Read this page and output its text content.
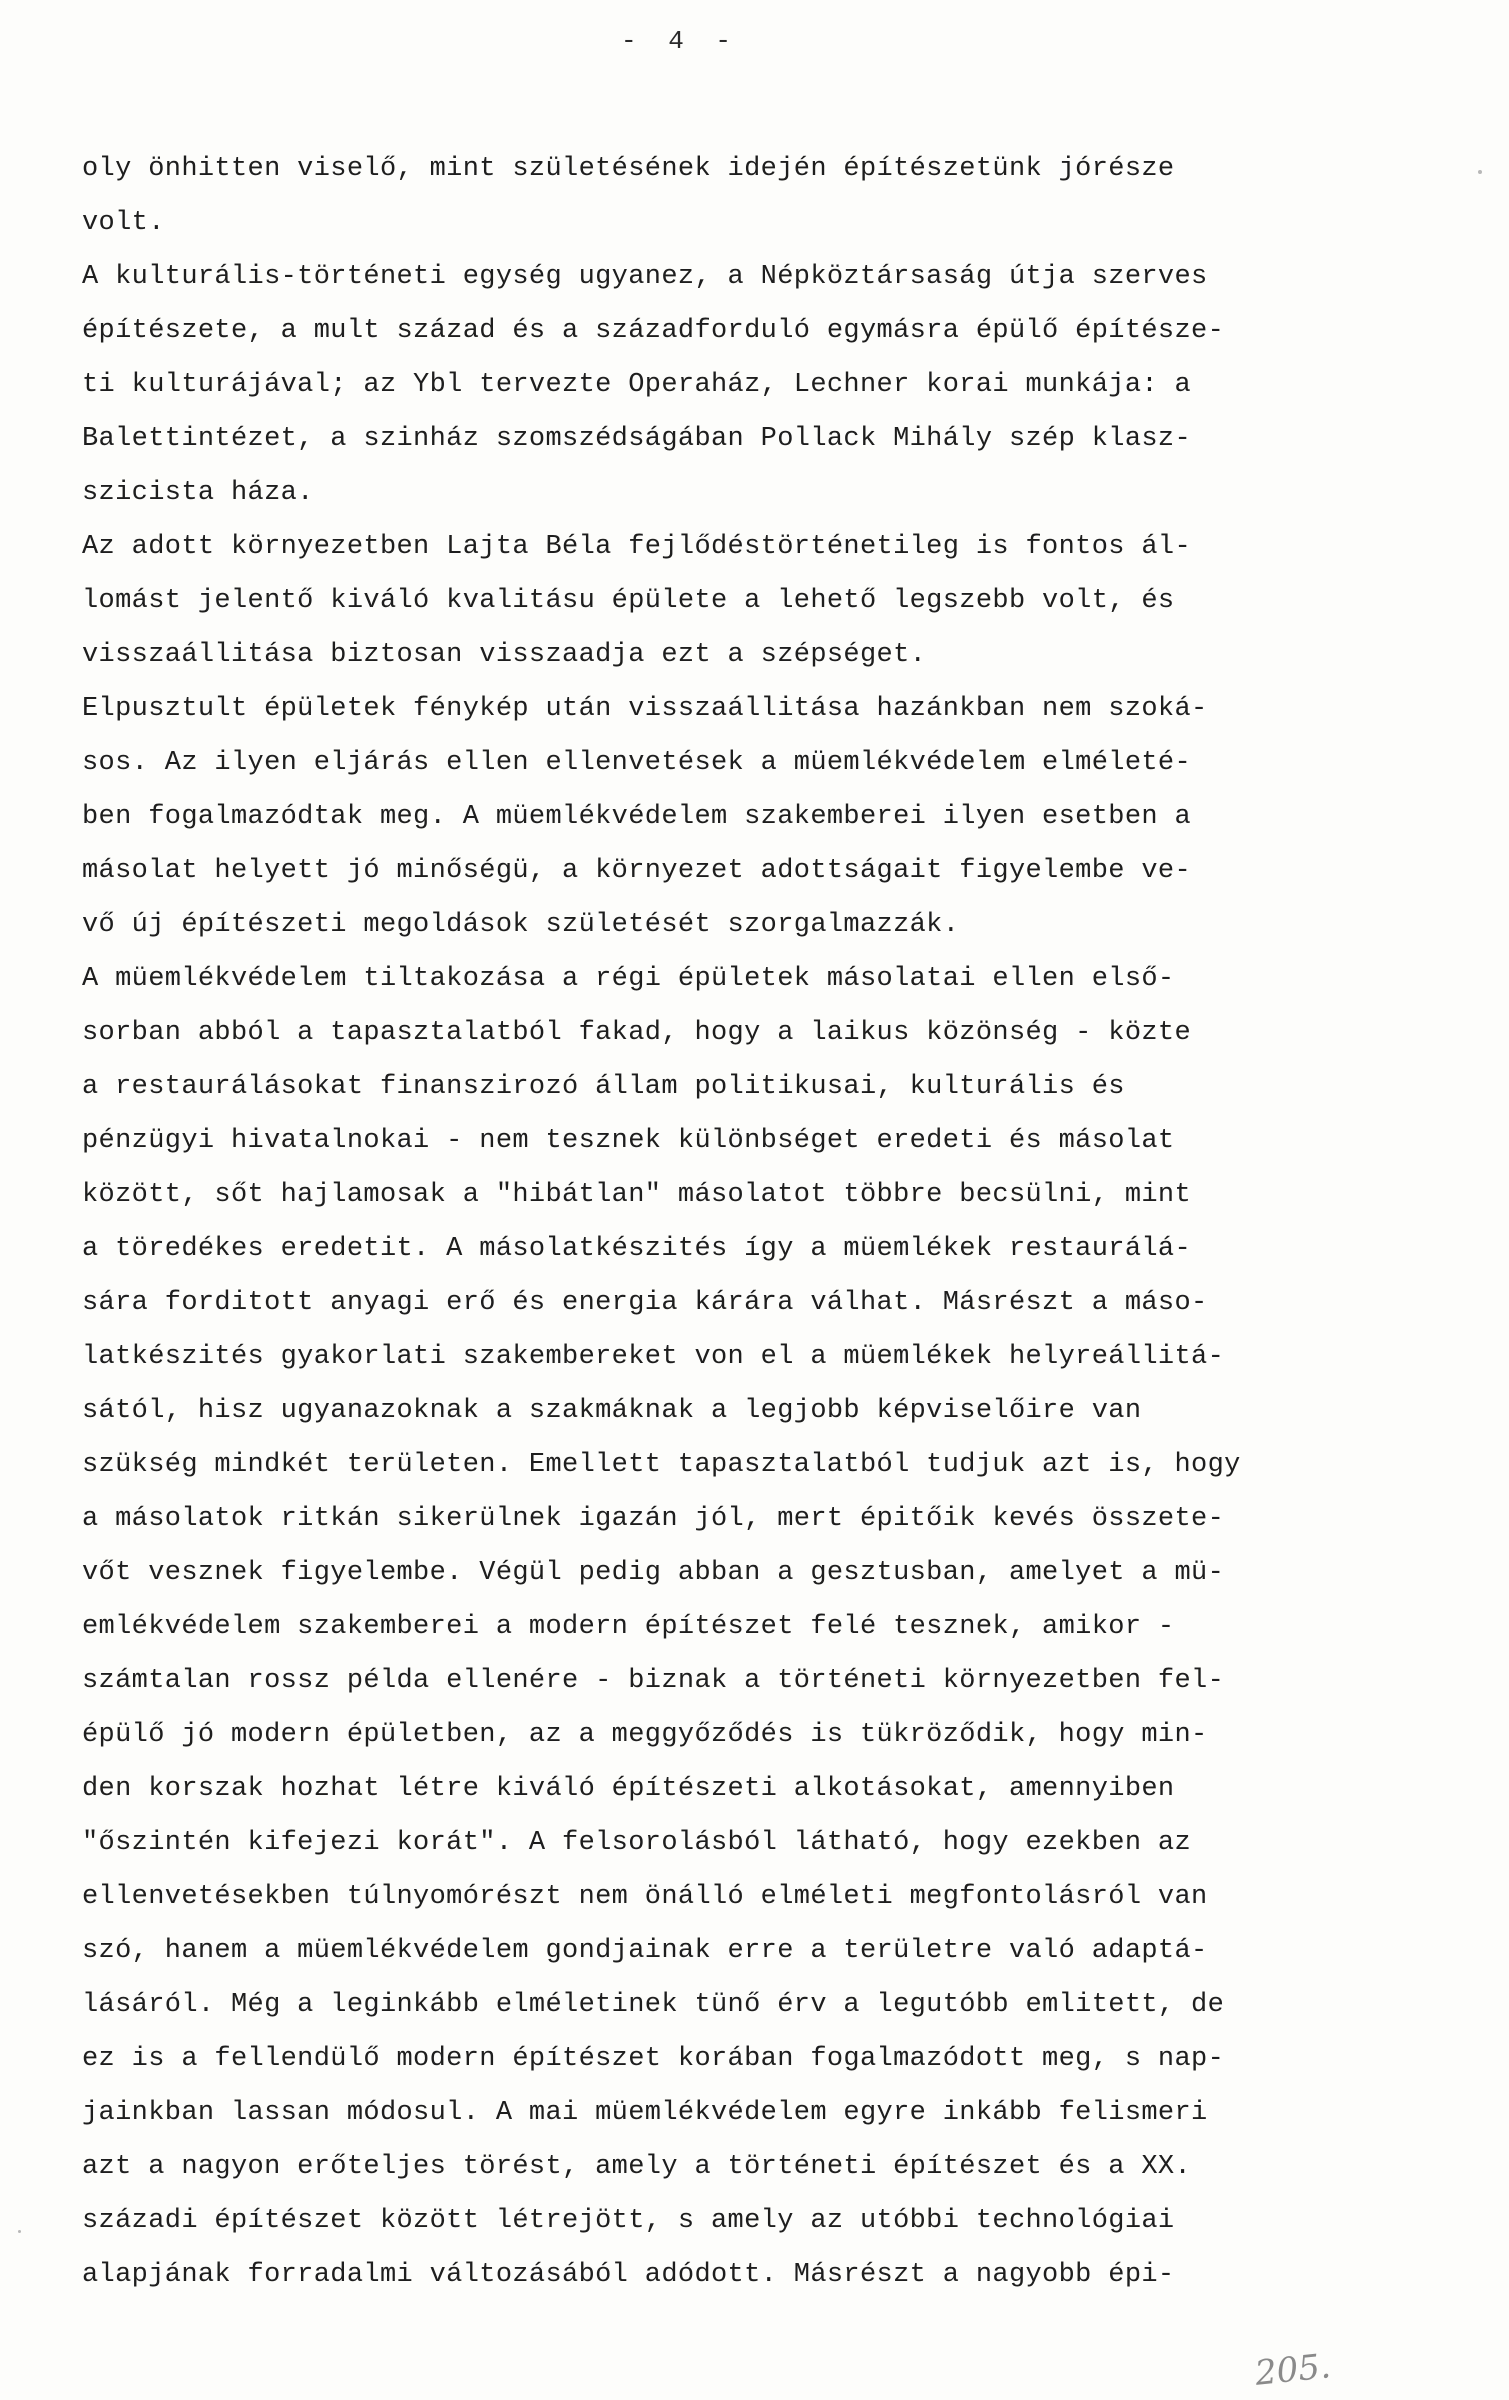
- 4 -
oly önhitten viselő, mint születésének idején építészetünk jórésze
volt.
A kulturális-történeti egység ugyanez, a Népköztársaság útja szerves
építészete, a mult század és a századforduló egymásra épülő építésze-
ti kulturájával; az Ybl tervezte Operaház, Lechner korai munkája: a
Balettintézet, a szinház szomszédságában Pollack Mihály szép klasz-
szicista háza.
Az adott környezetben Lajta Béla fejlődéstörténetileg is fontos ál-
lomást jelentő kiváló kvalitásu épülete a lehető legszebb volt, és
visszaállitása biztosan visszaadja ezt a szépséget.
Elpusztult épületek fénykép után visszaállitása hazánkban nem szoká-
sos. Az ilyen eljárás ellen ellenvetések a müemlékvédelem elméleté-
ben fogalmazódtak meg. A müemlékvédelem szakemberei ilyen esetben a
másolat helyett jó minőségü, a környezet adottságait figyelembe ve-
vő új építészeti megoldások születését szorgalmazzák.
A müemlékvédelem tiltakozása a régi épületek másolatai ellen első-
sorban abból a tapasztalatból fakad, hogy a laikus közönség - közte
a restaurálásokat finanszirozó állam politikusai, kulturális és
pénzügyi hivatalnokai - nem tesznek különbséget eredeti és másolat
között, sőt hajlamosak a "hibátlan" másolatot többre becsülni, mint
a töredékes eredetit. A másolatkészités így a müemlékek restaurálá-
sára forditott anyagi erő és energia kárára válhat. Másrészt a máso-
latkészités gyakorlati szakembereket von el a müemlékek helyreállitá-
sától, hisz ugyanazoknak a szakmáknak a legjobb képviselőire van
szükség mindkét területen. Emellett tapasztalatból tudjuk azt is, hogy
a másolatok ritkán sikerülnek igazán jól, mert épitőik kevés összete-
vőt vesznek figyelembe. Végül pedig abban a gesztusban, amelyet a mü-
emlékvédelem szakemberei a modern építészet felé tesznek, amikor -
számtalan rossz példa ellenére - biznak a történeti környezetben fel-
épülő jó modern épületben, az a meggyőződés is tükröződik, hogy min-
den korszak hozhat létre kiváló építészeti alkotásokat, amennyiben
"őszintén kifejezi korát". A felsorolásból látható, hogy ezekben az
ellenvetésekben túlnyomórészt nem önálló elméleti megfontolásról van
szó, hanem a müemlékvédelem gondjainak erre a területre való adaptá-
lásáról. Még a leginkább elméletinek tünő érv a legutóbb emlitett, de
ez is a fellendülő modern építészet korában fogalmazódott meg, s nap-
jainkban lassan módosul. A mai müemlékvédelem egyre inkább felismeri
azt a nagyon erőteljes törést, amely a történeti építészet és a XX.
századi építészet között létrejött, s amely az utóbbi technológiai
alapjának forradalmi változásából adódott. Másrészt a nagyobb épi-
205.
